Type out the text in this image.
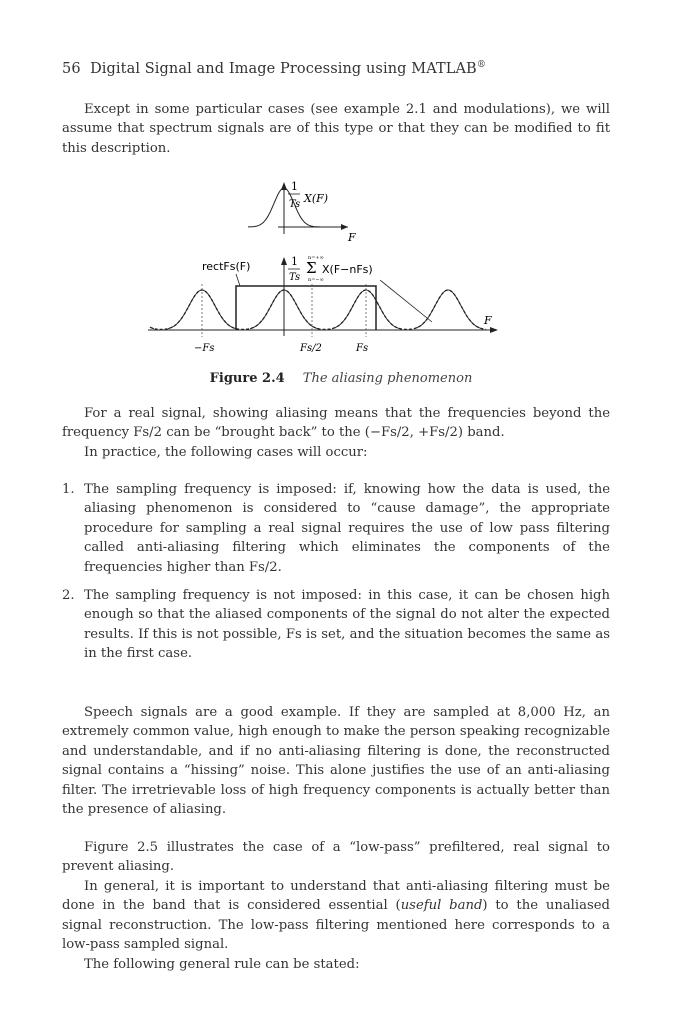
56 Digital Signal and Image Processing using MATLAB®

Except in some particular cases (see example 2.1 and modulations), we will assume that spectrum signals are of this type or that they can be modified to fit this description.

1
Ts X(F)
F
rectFs(F)	1
Ts
n=+∞
Σ
n=−∞
X(F−nFs)
F
−Fs	Fs/2	Fs
Figure 2.4 The aliasing phenomenon

For a real signal, showing aliasing means that the frequencies beyond the frequency Fs/2 can be “brought back” to the (−Fs/2, +Fs/2) band.

In practice, the following cases will occur:

1. The sampling frequency is imposed: if, knowing how the data is used, the aliasing phenomenon is considered to “cause damage”, the appropriate procedure for sampling a real signal requires the use of low pass filtering called anti-aliasing filtering which eliminates the components of the frequencies higher than Fs/2.
2. The sampling frequency is not imposed: in this case, it can be chosen high enough so that the aliased components of the signal do not alter the expected results. If this is not possible, Fs is set, and the situation becomes the same as in the first case.

Speech signals are a good example. If they are sampled at 8,000 Hz, an extremely common value, high enough to make the person speaking recognizable and understandable, and if no anti-aliasing filtering is done, the reconstructed signal contains a “hissing” noise. This alone justifies the use of an anti-aliasing filter. The irretrievable loss of high frequency components is actually better than the presence of aliasing.

Figure 2.5 illustrates the case of a “low-pass” prefiltered, real signal to prevent aliasing.

In general, it is important to understand that anti-aliasing filtering must be done in the band that is considered essential (useful band) to the unaliased signal reconstruction. The low-pass filtering mentioned here corresponds to a low-pass sampled signal.

The following general rule can be stated:
